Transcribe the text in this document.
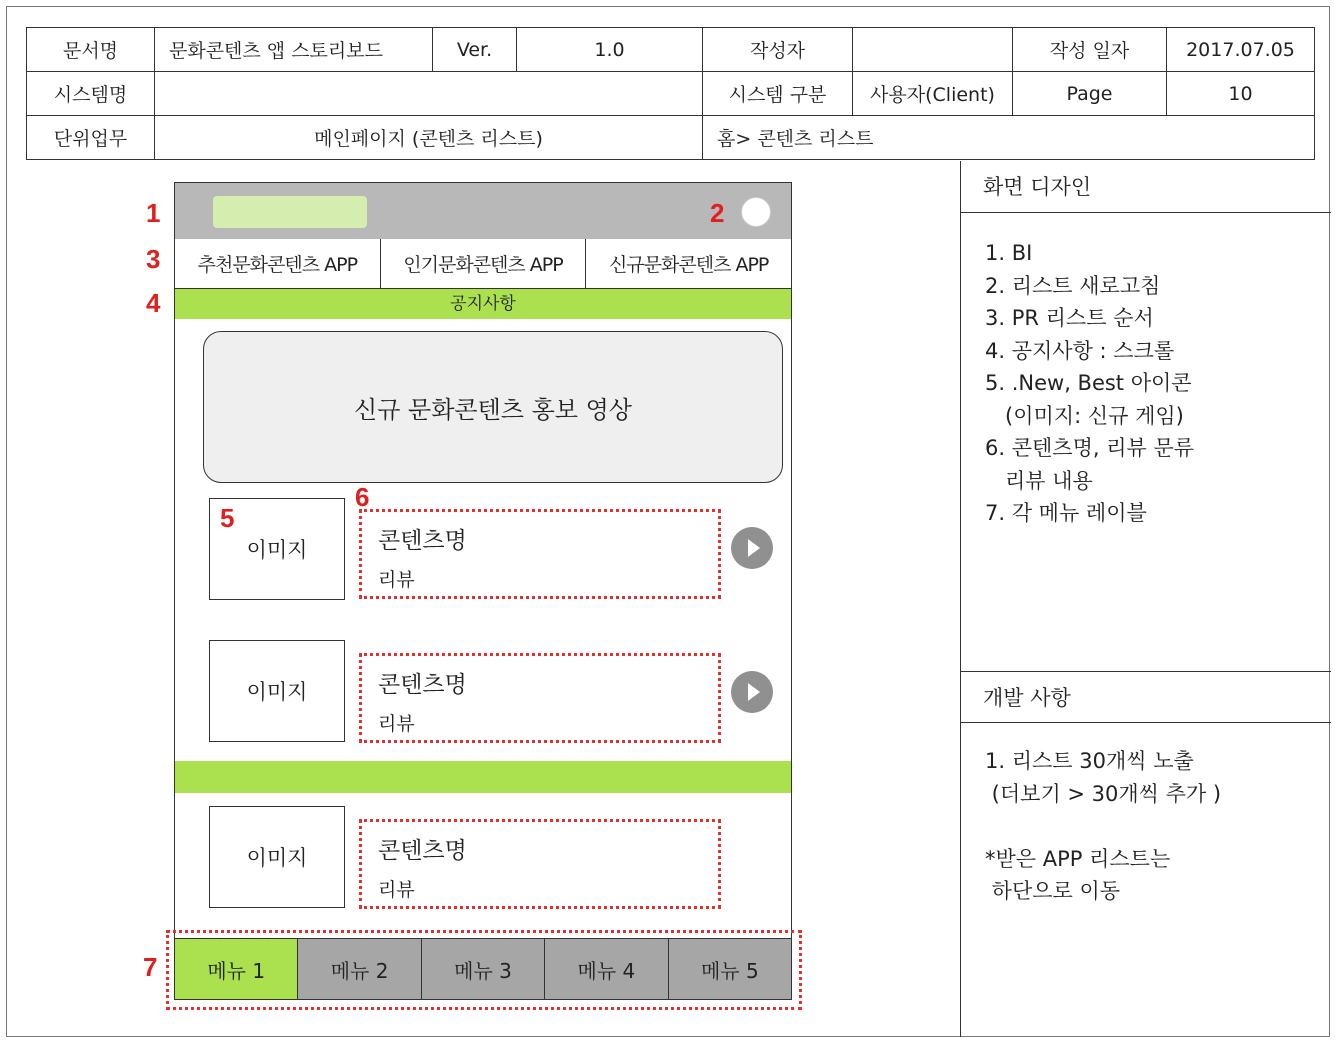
문서명	문화콘텐츠 앱 스토리보드	Ver.	1.0	작성자		작성 일자	2017.07.05
시스템명				시스템 구분	사용자(Client)	Page	10
단위업무	메인페이지 (콘텐츠 리스트)			홈> 콘텐츠 리스트			
추천문화콘텐츠 APP	인기문화콘텐츠 APP	신규문화콘텐츠 APP
공지사항
신규 문화콘텐츠 홍보 영상
이미지	콘텐츠명
리뷰
이미지	콘텐츠명
리뷰
이미지	콘텐츠명
리뷰
메뉴 1	메뉴 2	메뉴 3	메뉴 4	메뉴 5
1	2
3
4
5
6
7
화면 디자인
1. BI
2. 리스트 새로고침
3. PR 리스트 순서
4. 공지사항 : 스크롤
5. .New, Best 아이콘
(이미지: 신규 게임)
6. 콘텐츠명, 리뷰 문류
리뷰 내용
7. 각 메뉴 레이블
개발 사항
1. 리스트 30개씩 노출
(더보기 > 30개씩 추가 )

*받은 APP 리스트는
하단으로 이동
